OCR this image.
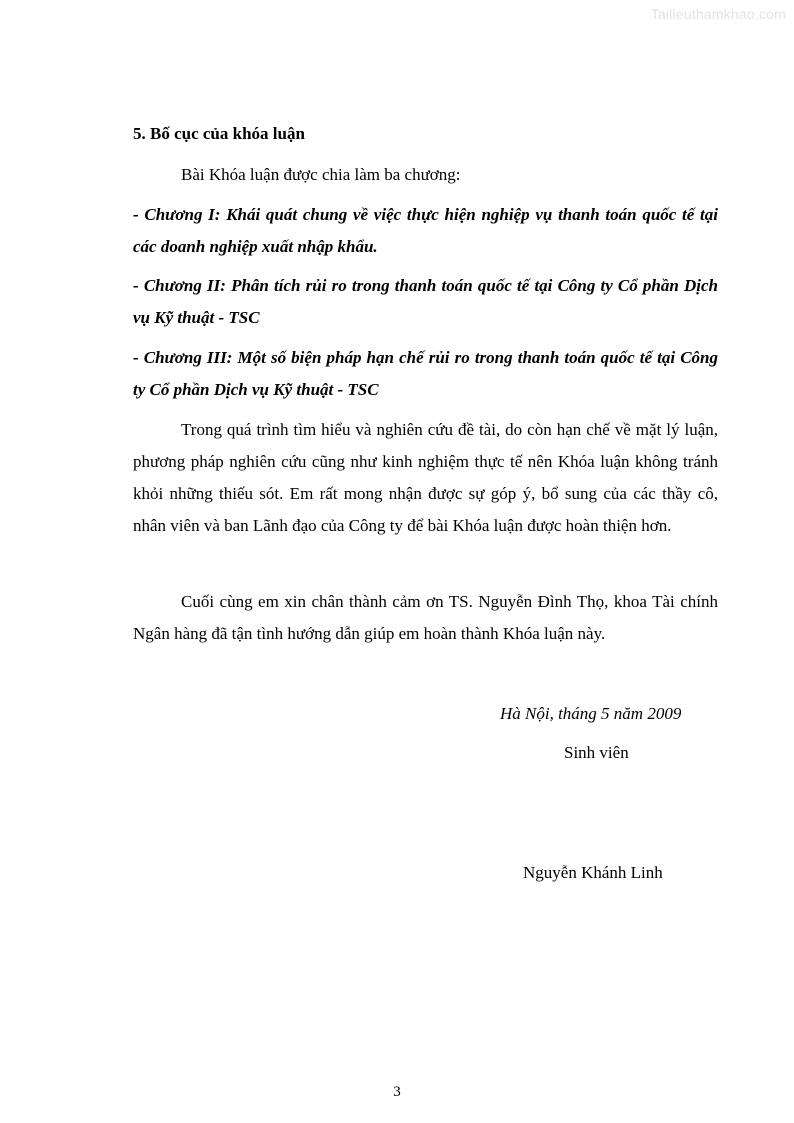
Tailieuthamkhao.com
5. Bố cục của khóa luận
Bài Khóa luận được chia làm ba chương:
- Chương I: Khái quát chung về việc thực hiện nghiệp vụ thanh toán quốc tế tại các doanh nghiệp xuất nhập khẩu.
- Chương II: Phân tích rủi ro trong thanh toán quốc tế tại Công ty Cổ phần Dịch vụ Kỹ thuật - TSC
- Chương III: Một số biện pháp hạn chế rủi ro trong thanh toán quốc tế tại Công ty Cổ phần Dịch vụ Kỹ thuật - TSC
Trong quá trình tìm hiểu và nghiên cứu đề tài, do còn hạn chế về mặt lý luận, phương pháp nghiên cứu cũng như kinh nghiệm thực tế nên Khóa luận không tránh khỏi những thiếu sót. Em rất mong nhận được sự góp ý, bổ sung của các thầy cô, nhân viên và ban Lãnh đạo của Công ty để bài Khóa luận được hoàn thiện hơn.
Cuối cùng em xin chân thành cảm ơn TS. Nguyễn Đình Thọ, khoa Tài chính Ngân hàng đã tận tình hướng dẫn giúp em hoàn thành Khóa luận này.
Hà Nội, tháng 5 năm 2009
Sinh viên
Nguyễn Khánh Linh
3
